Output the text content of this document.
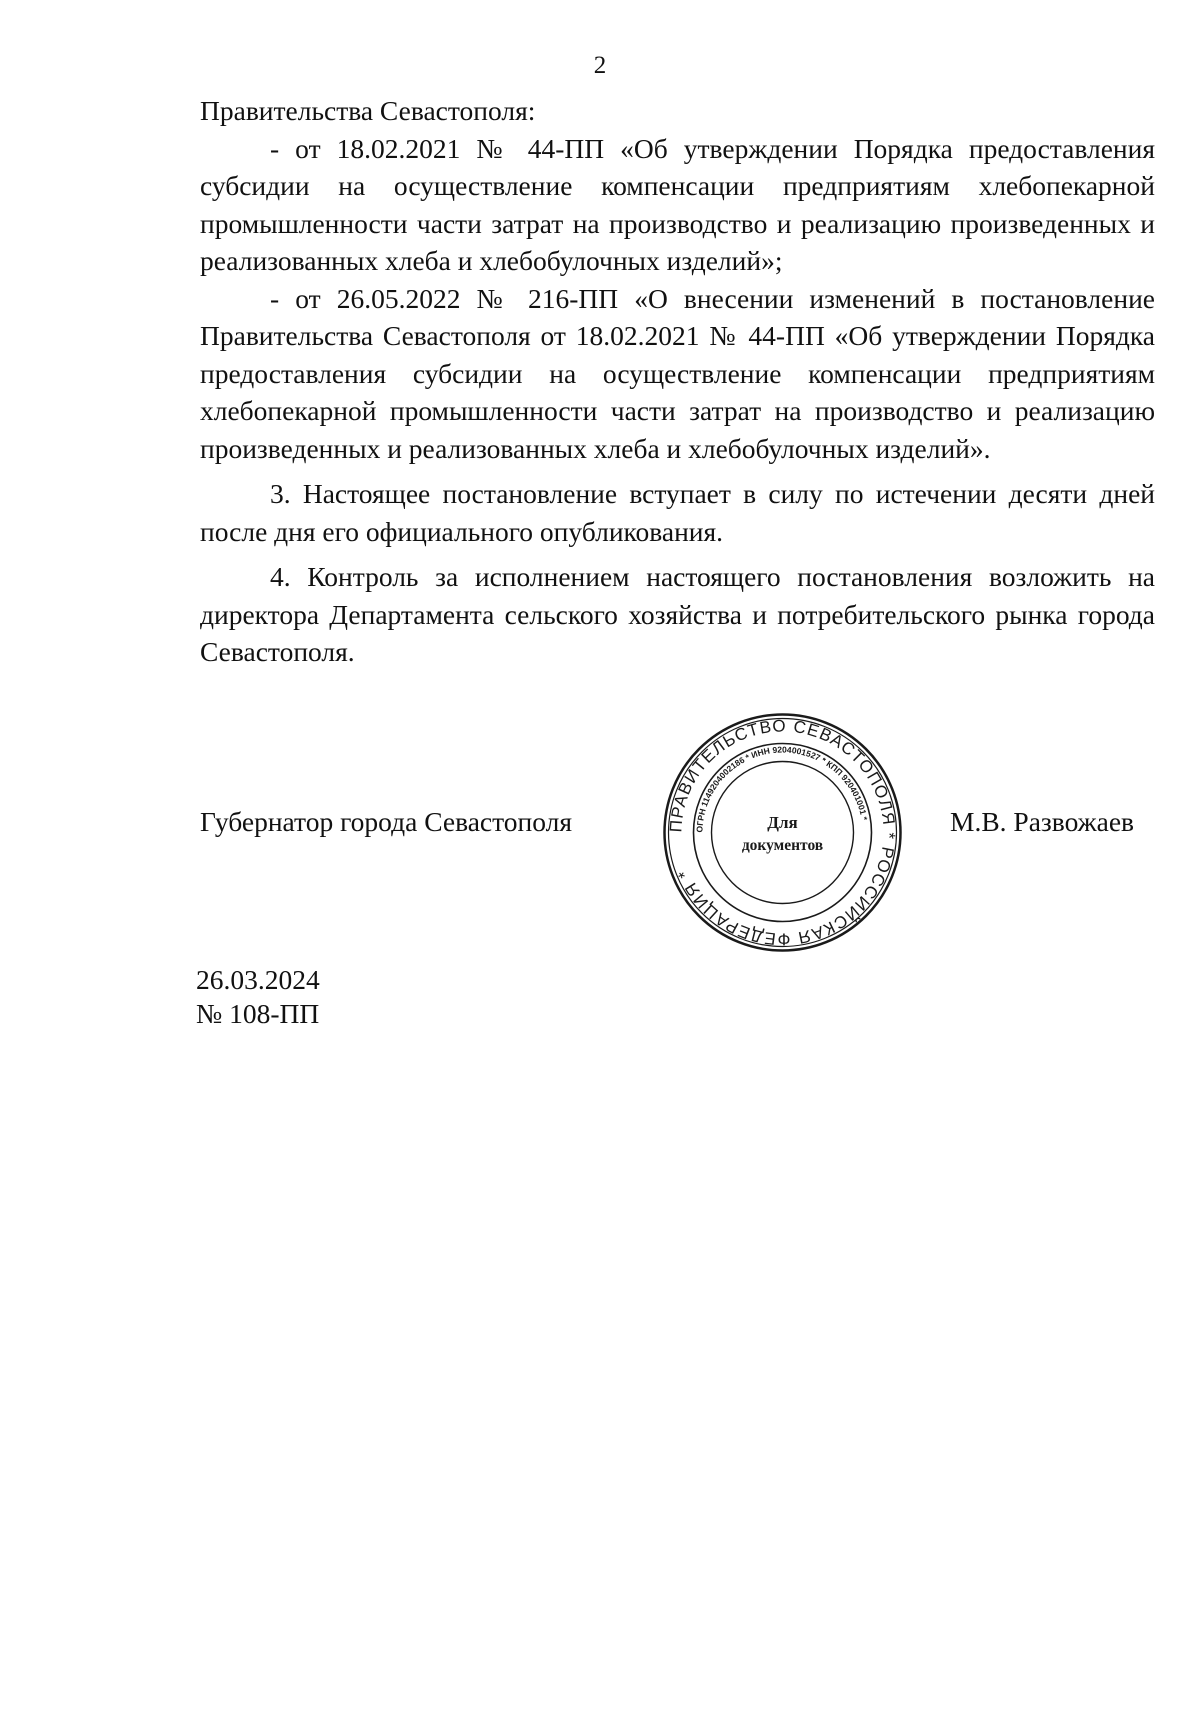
2

Правительства Севастополя:

- от 18.02.2021 № 44-ПП «Об утверждении Порядка предоставления субсидии на осуществление компенсации предприятиям хлебопекарной промышленности части затрат на производство и реализацию произведенных и реализованных хлеба и хлебобулочных изделий»;

- от 26.05.2022 № 216-ПП «О внесении изменений в постановление Правительства Севастополя от 18.02.2021 № 44-ПП «Об утверждении Порядка предоставления субсидии на осуществление компенсации предприятиям хлебопекарной промышленности части затрат на производство и реализацию произведенных и реализованных хлеба и хлебобулочных изделий».

3. Настоящее постановление вступает в силу по истечении десяти дней после дня его официального опубликования.

4. Контроль за исполнением настоящего постановления возложить на директора Департамента сельского хозяйства и потребительского рынка города Севастополя.

Губернатор города Севастополя	ПРАВИТЕЛЬСТВО СЕВАСТОПОЛЯ * РОССИЙСКАЯ ФЕДЕРАЦИЯ *
ОГРН 1149204002186 * ИНН 9204001527 * КПП 920401001 *
Для
документов
М.В. Развожаев
26.03.2024
№ 108-ПП
